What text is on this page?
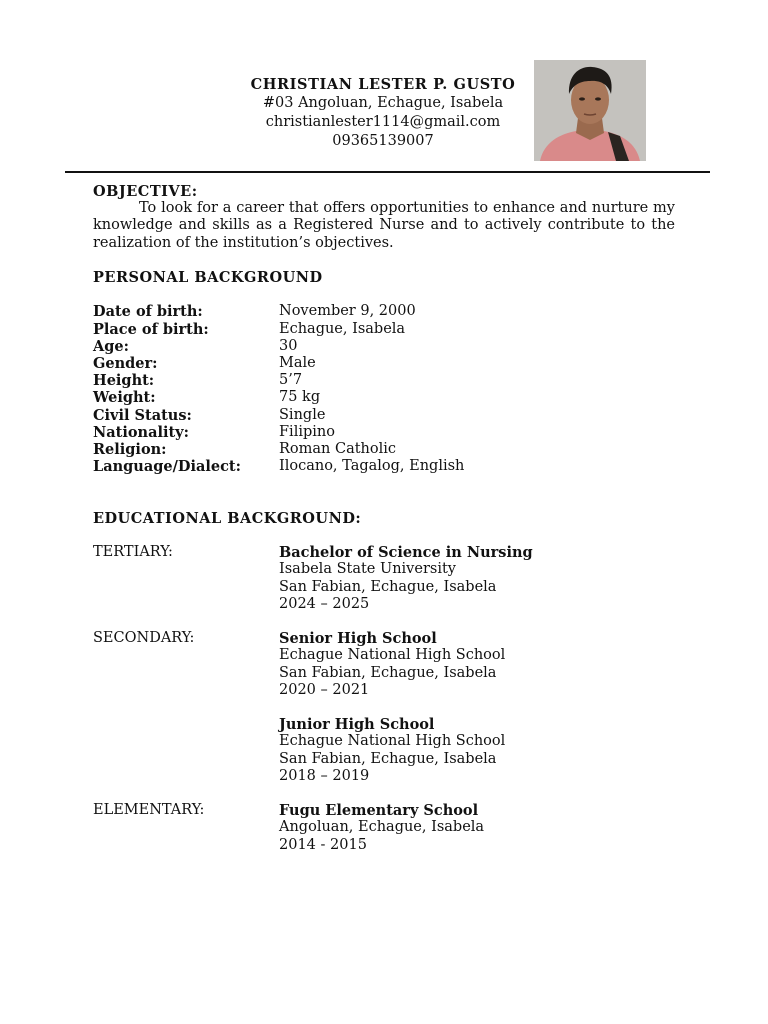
CHRISTIAN LESTER P. GUSTO
#03 Angoluan, Echague, Isabela
christianlester1114@gmail.com
09365139007
OBJECTIVE:

To look for a career that offers opportunities to enhance and nurture my knowledge and skills as a Registered Nurse and to actively contribute to the realization of the institution’s objectives.

PERSONAL BACKGROUND
Date of birth:	November 9, 2000
Place of birth:	Echague, Isabela
Age:	30
Gender:	Male
Height:	5’7
Weight:	75 kg
Civil Status:	Single
Nationality:	Filipino
Religion:	Roman Catholic
Language/Dialect:	Ilocano, Tagalog, English
EDUCATIONAL BACKGROUND:
TERTIARY:	Bachelor of Science in Nursing
Isabela State University
San Fabian, Echague, Isabela
2024 – 2025
SECONDARY:	Senior High School
Echague National High School
San Fabian, Echague, Isabela
2020 – 2021
Junior High School
Echague National High School
San Fabian, Echague, Isabela
2018 – 2019
ELEMENTARY:	Fugu Elementary School
Angoluan, Echague, Isabela
2014 - 2015
